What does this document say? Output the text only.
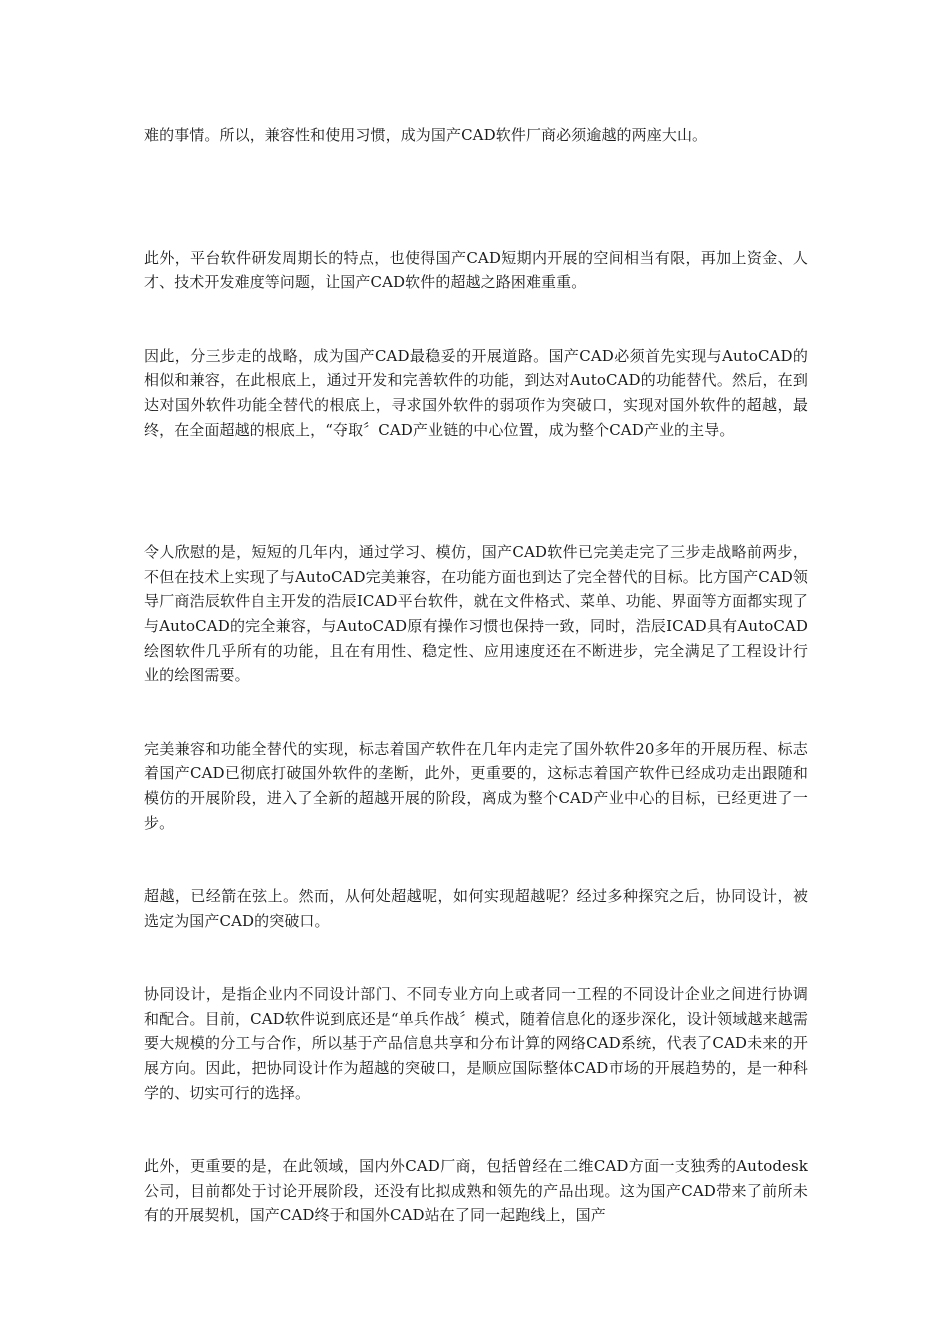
难的事情。所以，兼容性和使用习惯，成为国产CAD软件厂商必须逾越的两座大山。

此外，平台软件研发周期长的特点，也使得国产CAD短期内开展的空间相当有限，再加上资金、人才、技术开发难度等问题，让国产CAD软件的超越之路困难重重。

因此，分三步走的战略，成为国产CAD最稳妥的开展道路。国产CAD必须首先实现与AutoCAD的相似和兼容，在此根底上，通过开发和完善软件的功能，到达对AutoCAD的功能替代。然后，在到达对国外软件功能全替代的根底上，寻求国外软件的弱项作为突破口，实现对国外软件的超越，最终，在全面超越的根底上，“夺取〞CAD产业链的中心位置，成为整个CAD产业的主导。

令人欣慰的是，短短的几年内，通过学习、模仿，国产CAD软件已完美走完了三步走战略前两步，不但在技术上实现了与AutoCAD完美兼容，在功能方面也到达了完全替代的目标。比方国产CAD领导厂商浩辰软件自主开发的浩辰ICAD平台软件，就在文件格式、菜单、功能、界面等方面都实现了与AutoCAD的完全兼容，与AutoCAD原有操作习惯也保持一致，同时，浩辰ICAD具有AutoCAD绘图软件几乎所有的功能，且在有用性、稳定性、应用速度还在不断进步，完全满足了工程设计行业的绘图需要。

完美兼容和功能全替代的实现，标志着国产软件在几年内走完了国外软件20多年的开展历程、标志着国产CAD已彻底打破国外软件的垄断，此外，更重要的，这标志着国产软件已经成功走出跟随和模仿的开展阶段，进入了全新的超越开展的阶段，离成为整个CAD产业中心的目标，已经更进了一步。

超越，已经箭在弦上。然而，从何处超越呢，如何实现超越呢？经过多种探究之后，协同设计，被选定为国产CAD的突破口。

协同设计，是指企业内不同设计部门、不同专业方向上或者同一工程的不同设计企业之间进行协调和配合。目前，CAD软件说到底还是“单兵作战〞模式，随着信息化的逐步深化，设计领域越来越需要大规模的分工与合作，所以基于产品信息共享和分布计算的网络CAD系统，代表了CAD未来的开展方向。因此，把协同设计作为超越的突破口，是顺应国际整体CAD市场的开展趋势的，是一种科学的、切实可行的选择。

此外，更重要的是，在此领域，国内外CAD厂商，包括曾经在二维CAD方面一支独秀的Autodesk公司，目前都处于讨论开展阶段，还没有比拟成熟和领先的产品出现。这为国产CAD带来了前所未有的开展契机，国产CAD终于和国外CAD站在了同一起跑线上，国产
